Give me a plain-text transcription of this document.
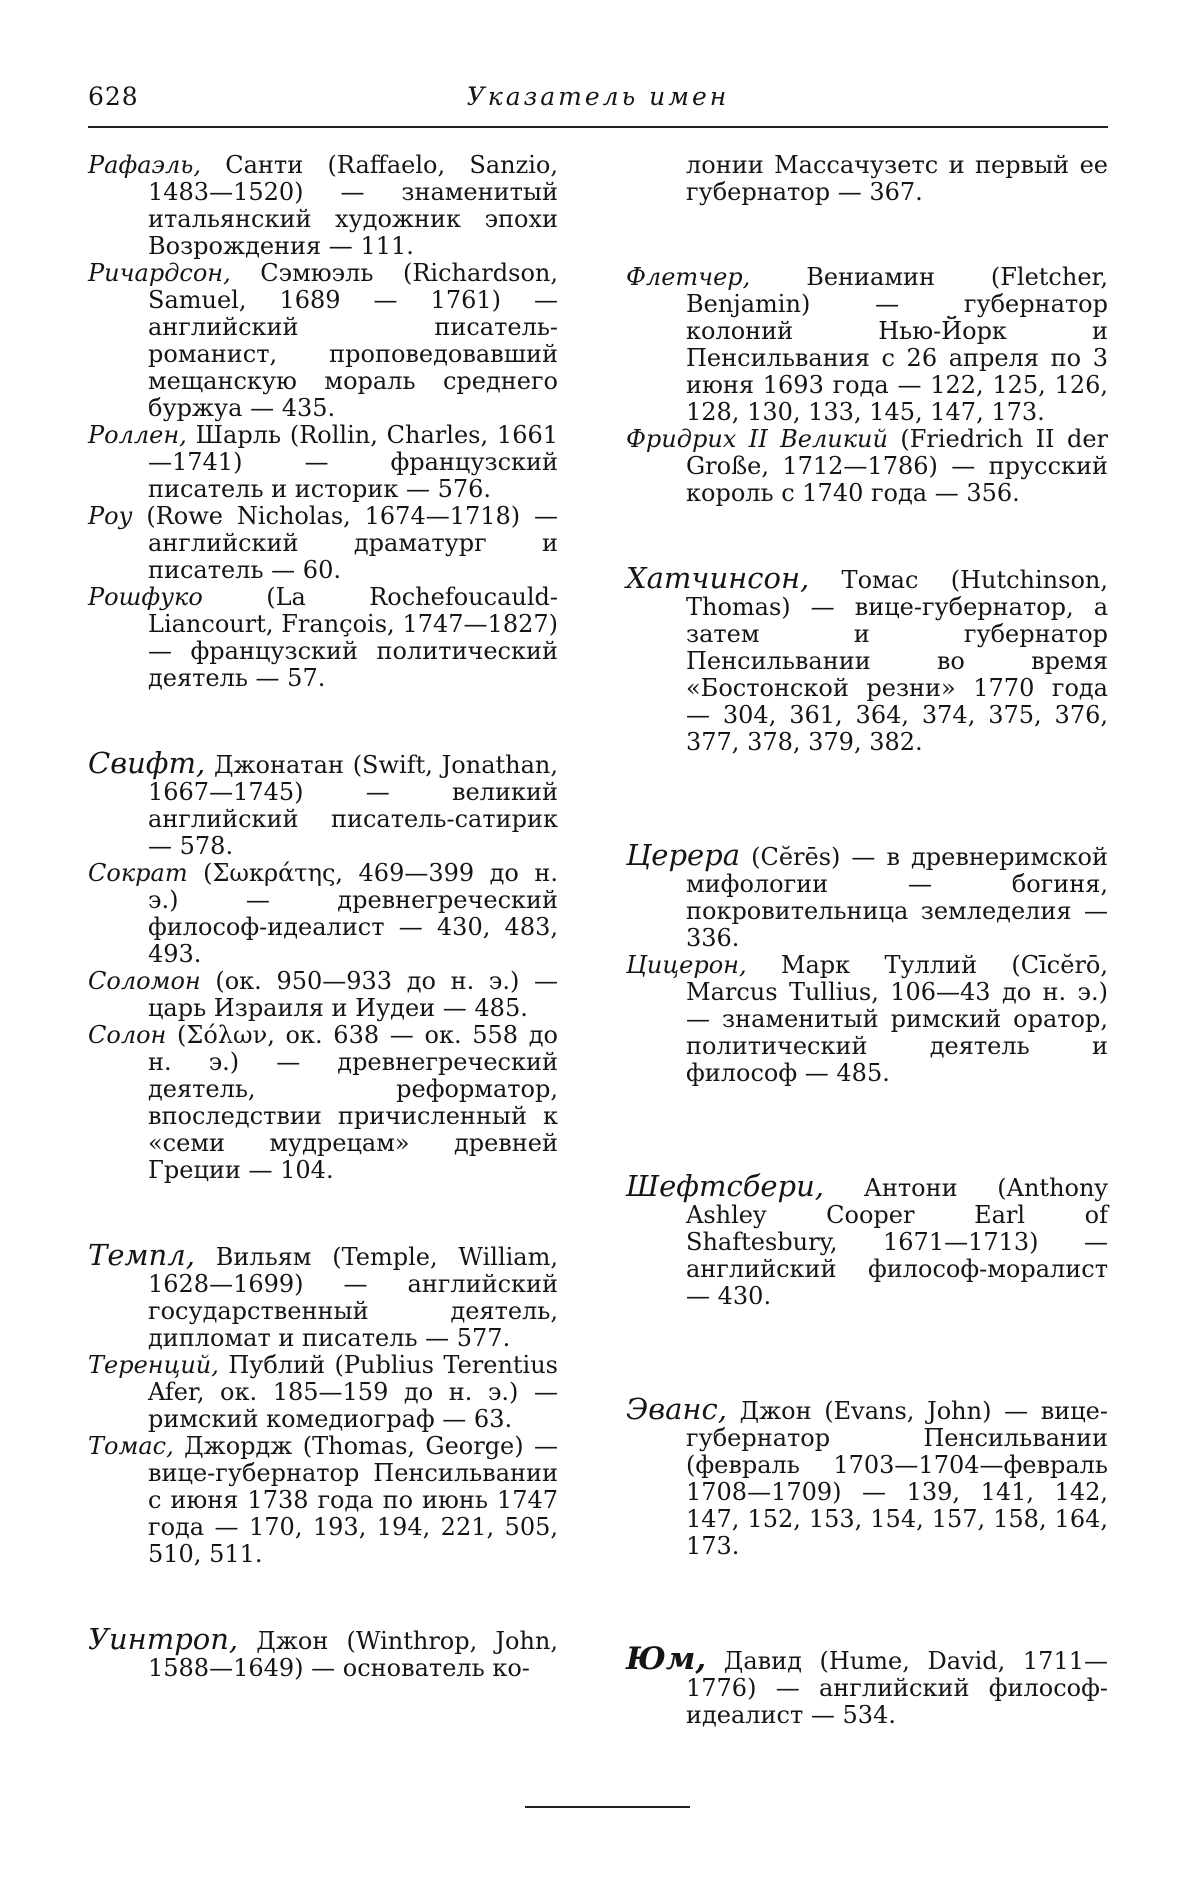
628	Указатель имен

Рафаэль, Санти (Raffaelo, Sanzio, 1483—1520) — знаменитый итальянский художник эпохи Возрождения — 111.

Ричардсон, Сэмюэль (Richardson, Samuel, 1689 — 1761) — английский писатель-романист, проповедовавший мещанскую мораль среднего буржуа — 435.

Роллен, Шарль (Rollin, Charles, 1661—1741) — французский писатель и историк — 576.

Роу (Rowe Nicholas, 1674—1718) — английский драматург и писатель — 60.

Рошфуко (La Rochefoucauld-Liancourt, François, 1747—1827) — французский политический деятель — 57.

Свифт, Джонатан (Swift, Jonathan, 1667—1745) — великий английский писатель-сатирик — 578.

Сократ (Σωκράτης, 469—399 до н. э.) — древнегреческий философ-идеалист — 430, 483, 493.

Соломон (ок. 950—933 до н. э.) — царь Израиля и Иудеи — 485.

Солон (Σόλων, ок. 638 — ок. 558 до н. э.) — древнегреческий деятель, реформатор, впоследствии причисленный к «семи мудрецам» древней Греции — 104.

Темпл, Вильям (Temple, William, 1628—1699) — английский государственный деятель, дипломат и писатель — 577.

Теренций, Публий (Publius Terentius Afer, ок. 185—159 до н. э.) — римский комедиограф — 63.

Томас, Джордж (Thomas, George) — вице-губернатор Пенсильвании с июня 1738 года по июнь 1747 года — 170, 193, 194, 221, 505, 510, 511.

Уинтроп, Джон (Winthrop, John, 1588—1649) — основатель ко-

лонии Массачузетс и первый ее губернатор — 367.

Флетчер, Вениамин (Fletcher, Benjamin) — губернатор колоний Нью-Йорк и Пенсильвания с 26 апреля по 3 июня 1693 года — 122, 125, 126, 128, 130, 133, 145, 147, 173.

Фридрих II Великий (Friedrich II der Große, 1712—1786) — прусский король с 1740 года — 356.

Хатчинсон, Томас (Hutchinson, Thomas) — вице-губернатор, а затем и губернатор Пенсильвании во время «Бостонской резни» 1770 года — 304, 361, 364, 374, 375, 376, 377, 378, 379, 382.

Церера (Cĕrēs) — в древнеримской мифологии — богиня, покровительница земледелия — 336.

Цицерон, Марк Туллий (Cīcĕrō, Marcus Tullius, 106—43 до н. э.) — знаменитый римский оратор, политический деятель и философ — 485.

Шефтсбери, Антони (Anthony Ashley Cooper Earl of Shaftesbury, 1671—1713) — английский философ-моралист — 430.

Эванс, Джон (Evans, John) — вице-губернатор Пенсильвании (февраль 1703—1704—февраль 1708—1709) — 139, 141, 142, 147, 152, 153, 154, 157, 158, 164, 173.

Юм, Давид (Hume, David, 1711—1776) — английский философ-идеалист — 534.
